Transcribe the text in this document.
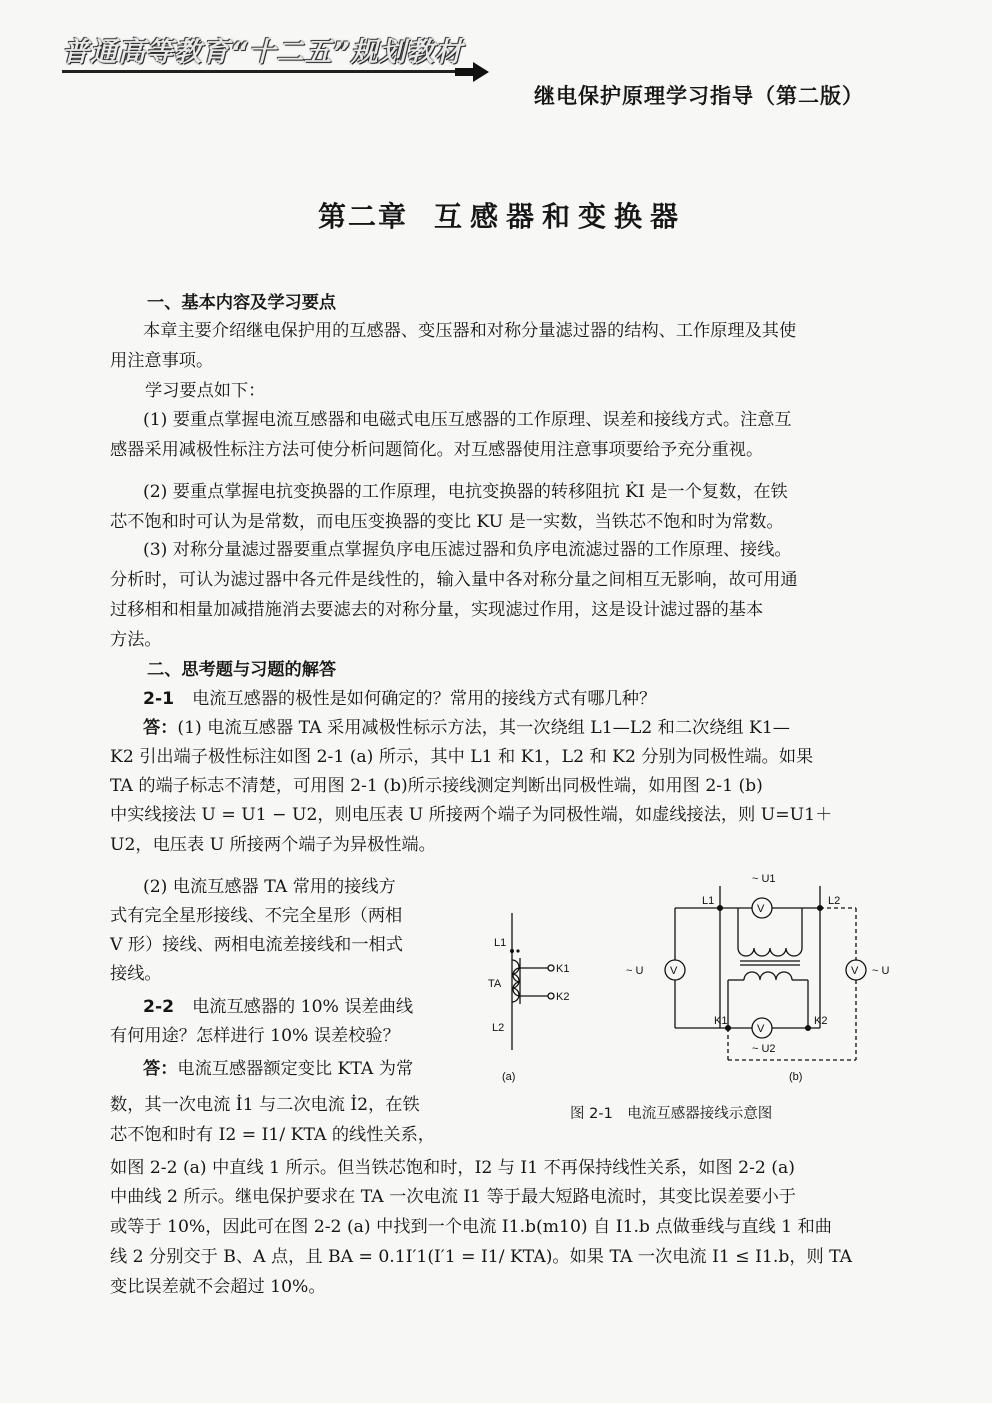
普通高等教育“十二五”规划教材
继电保护原理学习指导（第二版）
第二章 互感器和变换器
一、基本内容及学习要点
本章主要介绍继电保护用的互感器、变压器和对称分量滤过器的结构、工作原理及其使
用注意事项。
学习要点如下：
(1) 要重点掌握电流互感器和电磁式电压互感器的工作原理、误差和接线方式。注意互
感器采用减极性标注方法可使分析问题简化。对互感器使用注意事项要给予充分重视。
(2) 要重点掌握电抗变换器的工作原理，电抗变换器的转移阻抗 K̇I 是一个复数，在铁
芯不饱和时可认为是常数，而电压变换器的变比 KU 是一实数，当铁芯不饱和时为常数。
(3) 对称分量滤过器要重点掌握负序电压滤过器和负序电流滤过器的工作原理、接线。
分析时，可认为滤过器中各元件是线性的，输入量中各对称分量之间相互无影响，故可用通
过移相和相量加减措施消去要滤去的对称分量，实现滤过作用，这是设计滤过器的基本
方法。
二、思考题与习题的解答
2-1 电流互感器的极性是如何确定的？常用的接线方式有哪几种？
答：(1) 电流互感器 TA 采用减极性标示方法，其一次绕组 L1—L2 和二次绕组 K1—
K2 引出端子极性标注如图 2-1 (a) 所示，其中 L1 和 K1，L2 和 K2 分别为同极性端。如果
TA 的端子标志不清楚，可用图 2-1 (b)所示接线测定判断出同极性端，如用图 2-1 (b)
中实线接法 U = U1 − U2，则电压表 U 所接两个端子为同极性端，如虚线接法，则 U=U1＋
U2，电压表 U 所接两个端子为异极性端。
(2) 电流互感器 TA 常用的接线方
式有完全星形接线、不完全星形（两相
V 形）接线、两相电流差接线和一相式
接线。
2-2 电流互感器的 10% 误差曲线
有何用途？怎样进行 10% 误差校验？
答：电流互感器额定变比 KTA 为常
数，其一次电流 İ1 与二次电流 İ2，在铁
芯不饱和时有 I2 = I1/ KTA 的线性关系，
如图 2-2 (a) 中直线 1 所示。但当铁芯饱和时，I2 与 I1 不再保持线性关系，如图 2-2 (a)
中曲线 2 所示。继电保护要求在 TA 一次电流 I1 等于最大短路电流时，其变比误差要小于
或等于 10%，因此可在图 2-2 (a) 中找到一个电流 I1.b(m10) 自 I1.b 点做垂线与直线 1 和曲
线 2 分别交于 B、A 点，且 BA = 0.1I′1(I′1 = I1/ KTA)。如果 TA 一次电流 I1 ≤ I1.b，则 TA
变比误差就不会超过 10%。
L1
TA
K1
K2
L2
(a)
V
V
V	V
L1	L2
K1	K2
~ U1
~ U2
~ U	~ U
(b)
图 2-1　电流互感器接线示意图
